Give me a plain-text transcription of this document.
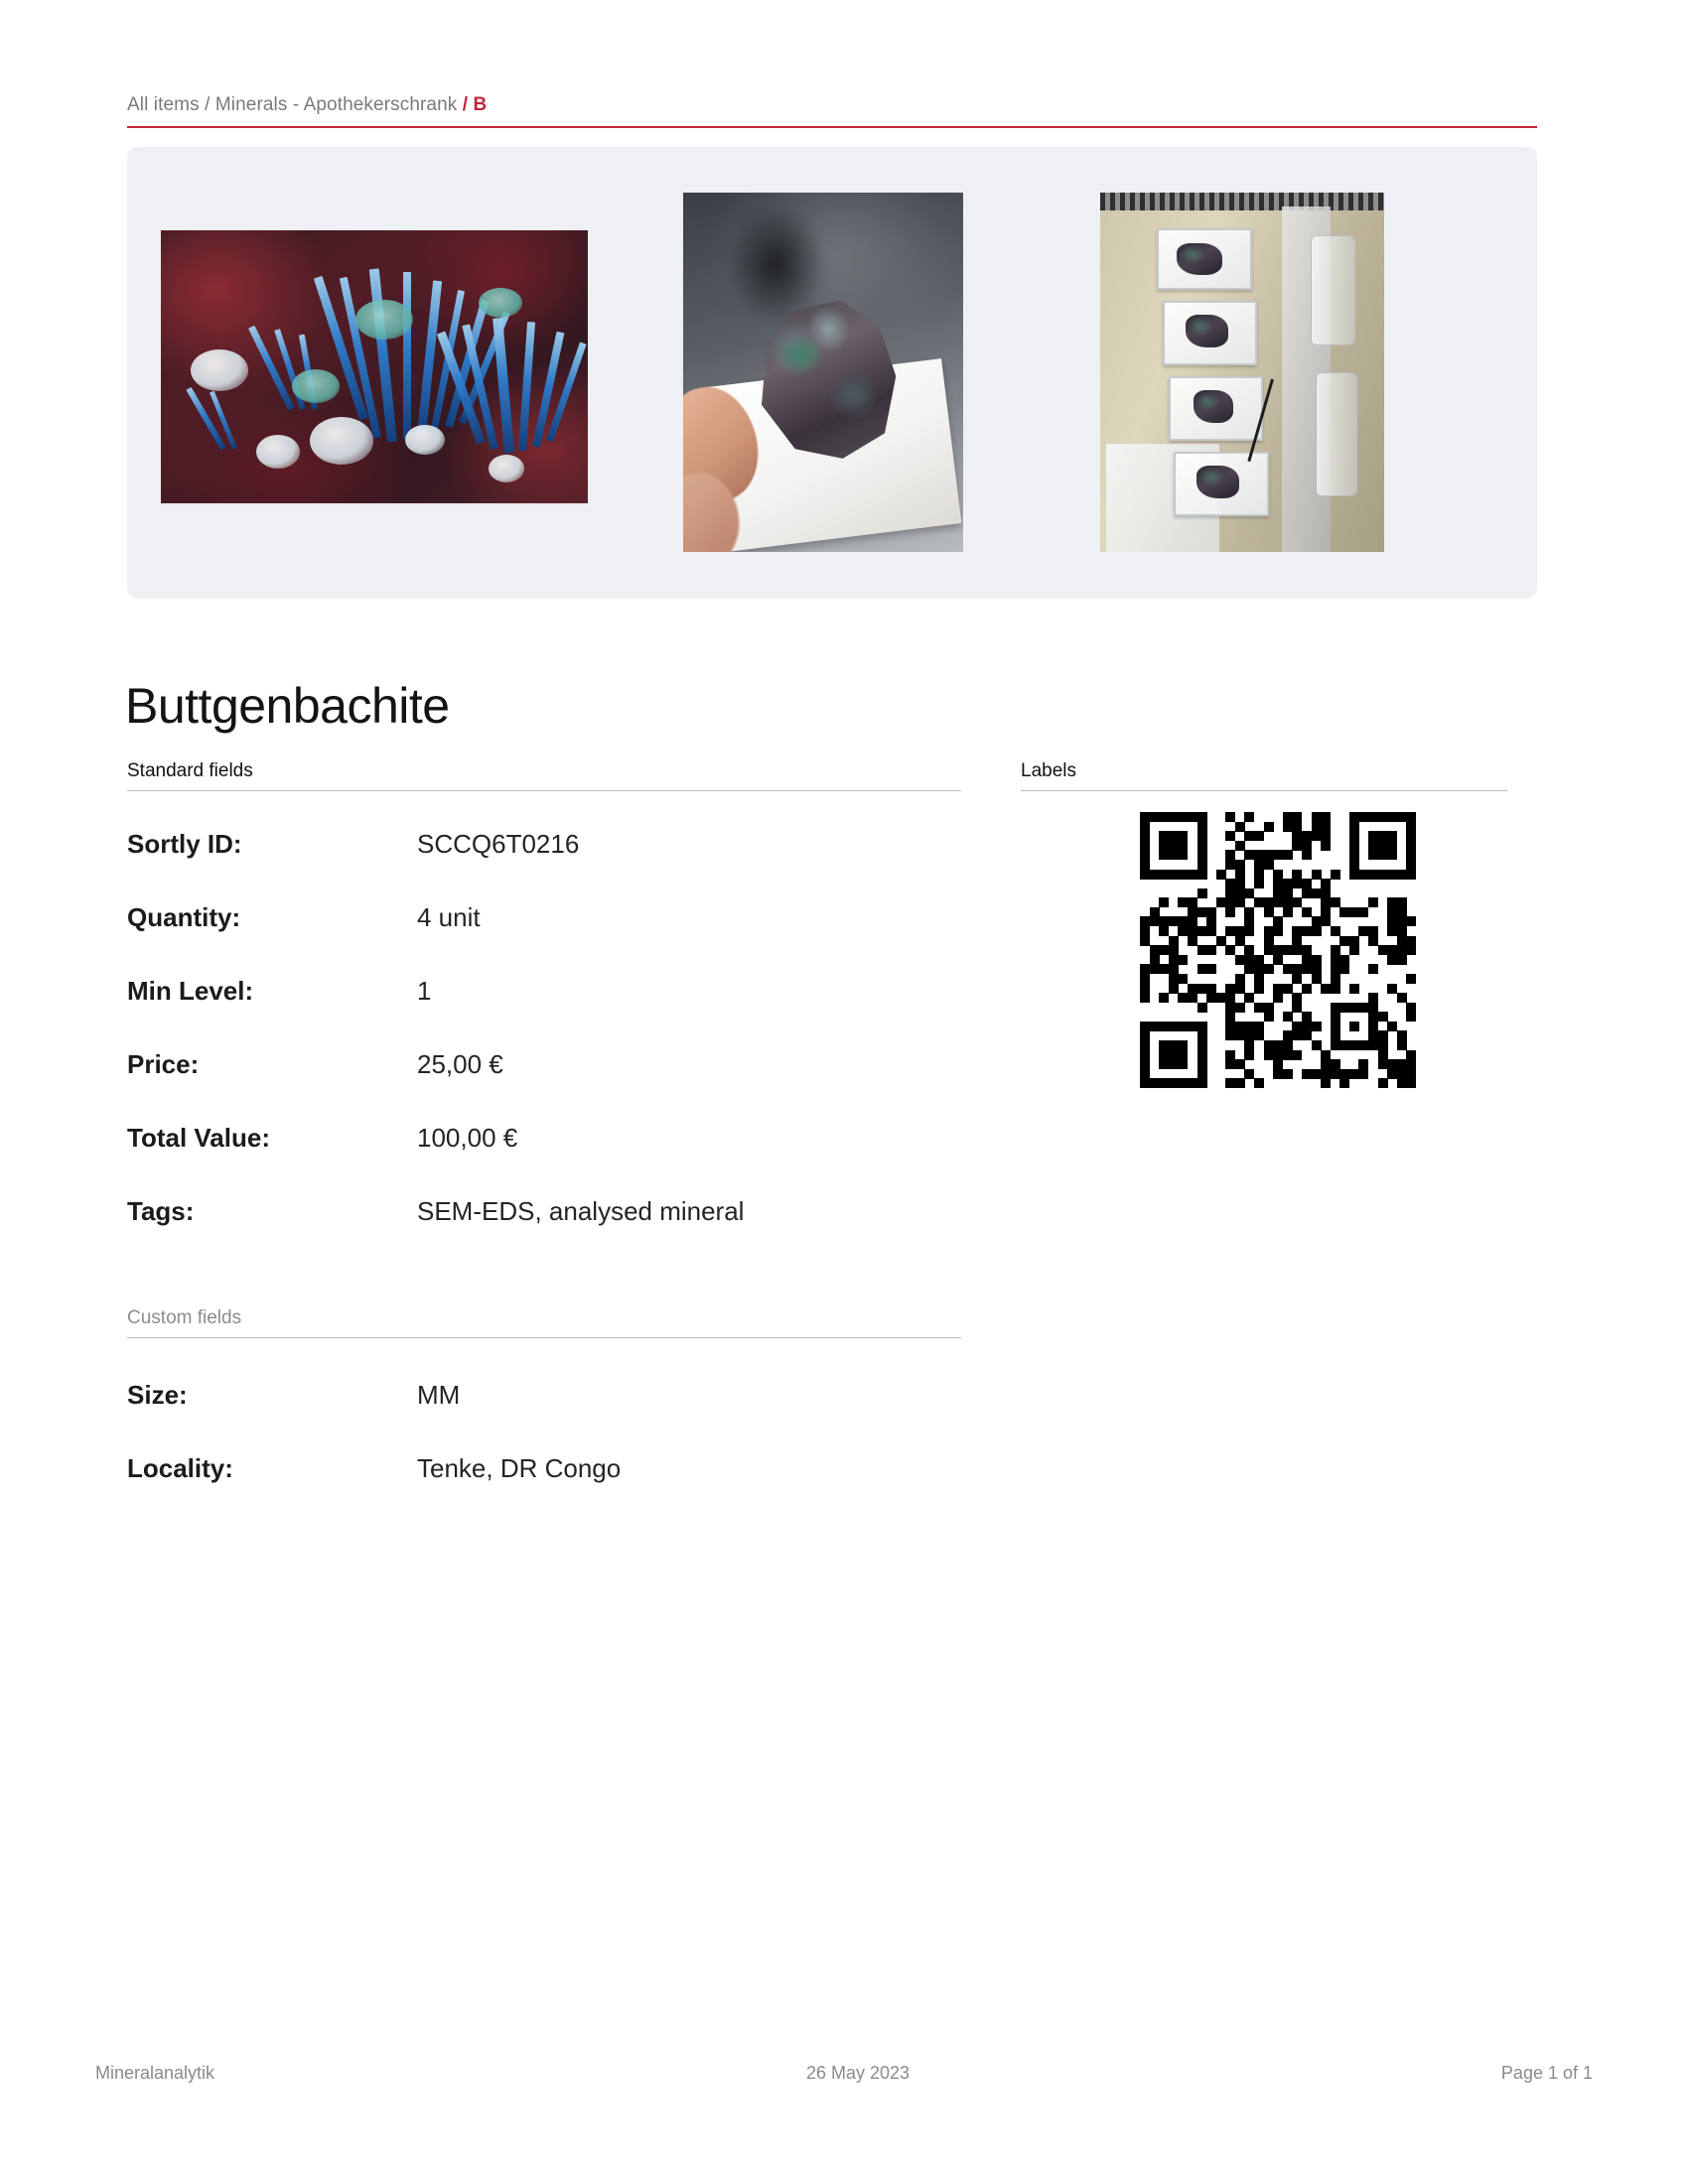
All items / Minerals - Apothekerschrank / B
Buttgenbachite
Standard fields	Labels
Custom fields
Sortly ID:	SCCQ6T0216
Quantity:	4 unit
Min Level:	1
Price:	25,00 €
Total Value:	100,00 €
Tags:	SEM-EDS, analysed mineral
Size:	MM
Locality:	Tenke, DR Congo
Mineralanalytik	26 May 2023	Page 1 of 1
